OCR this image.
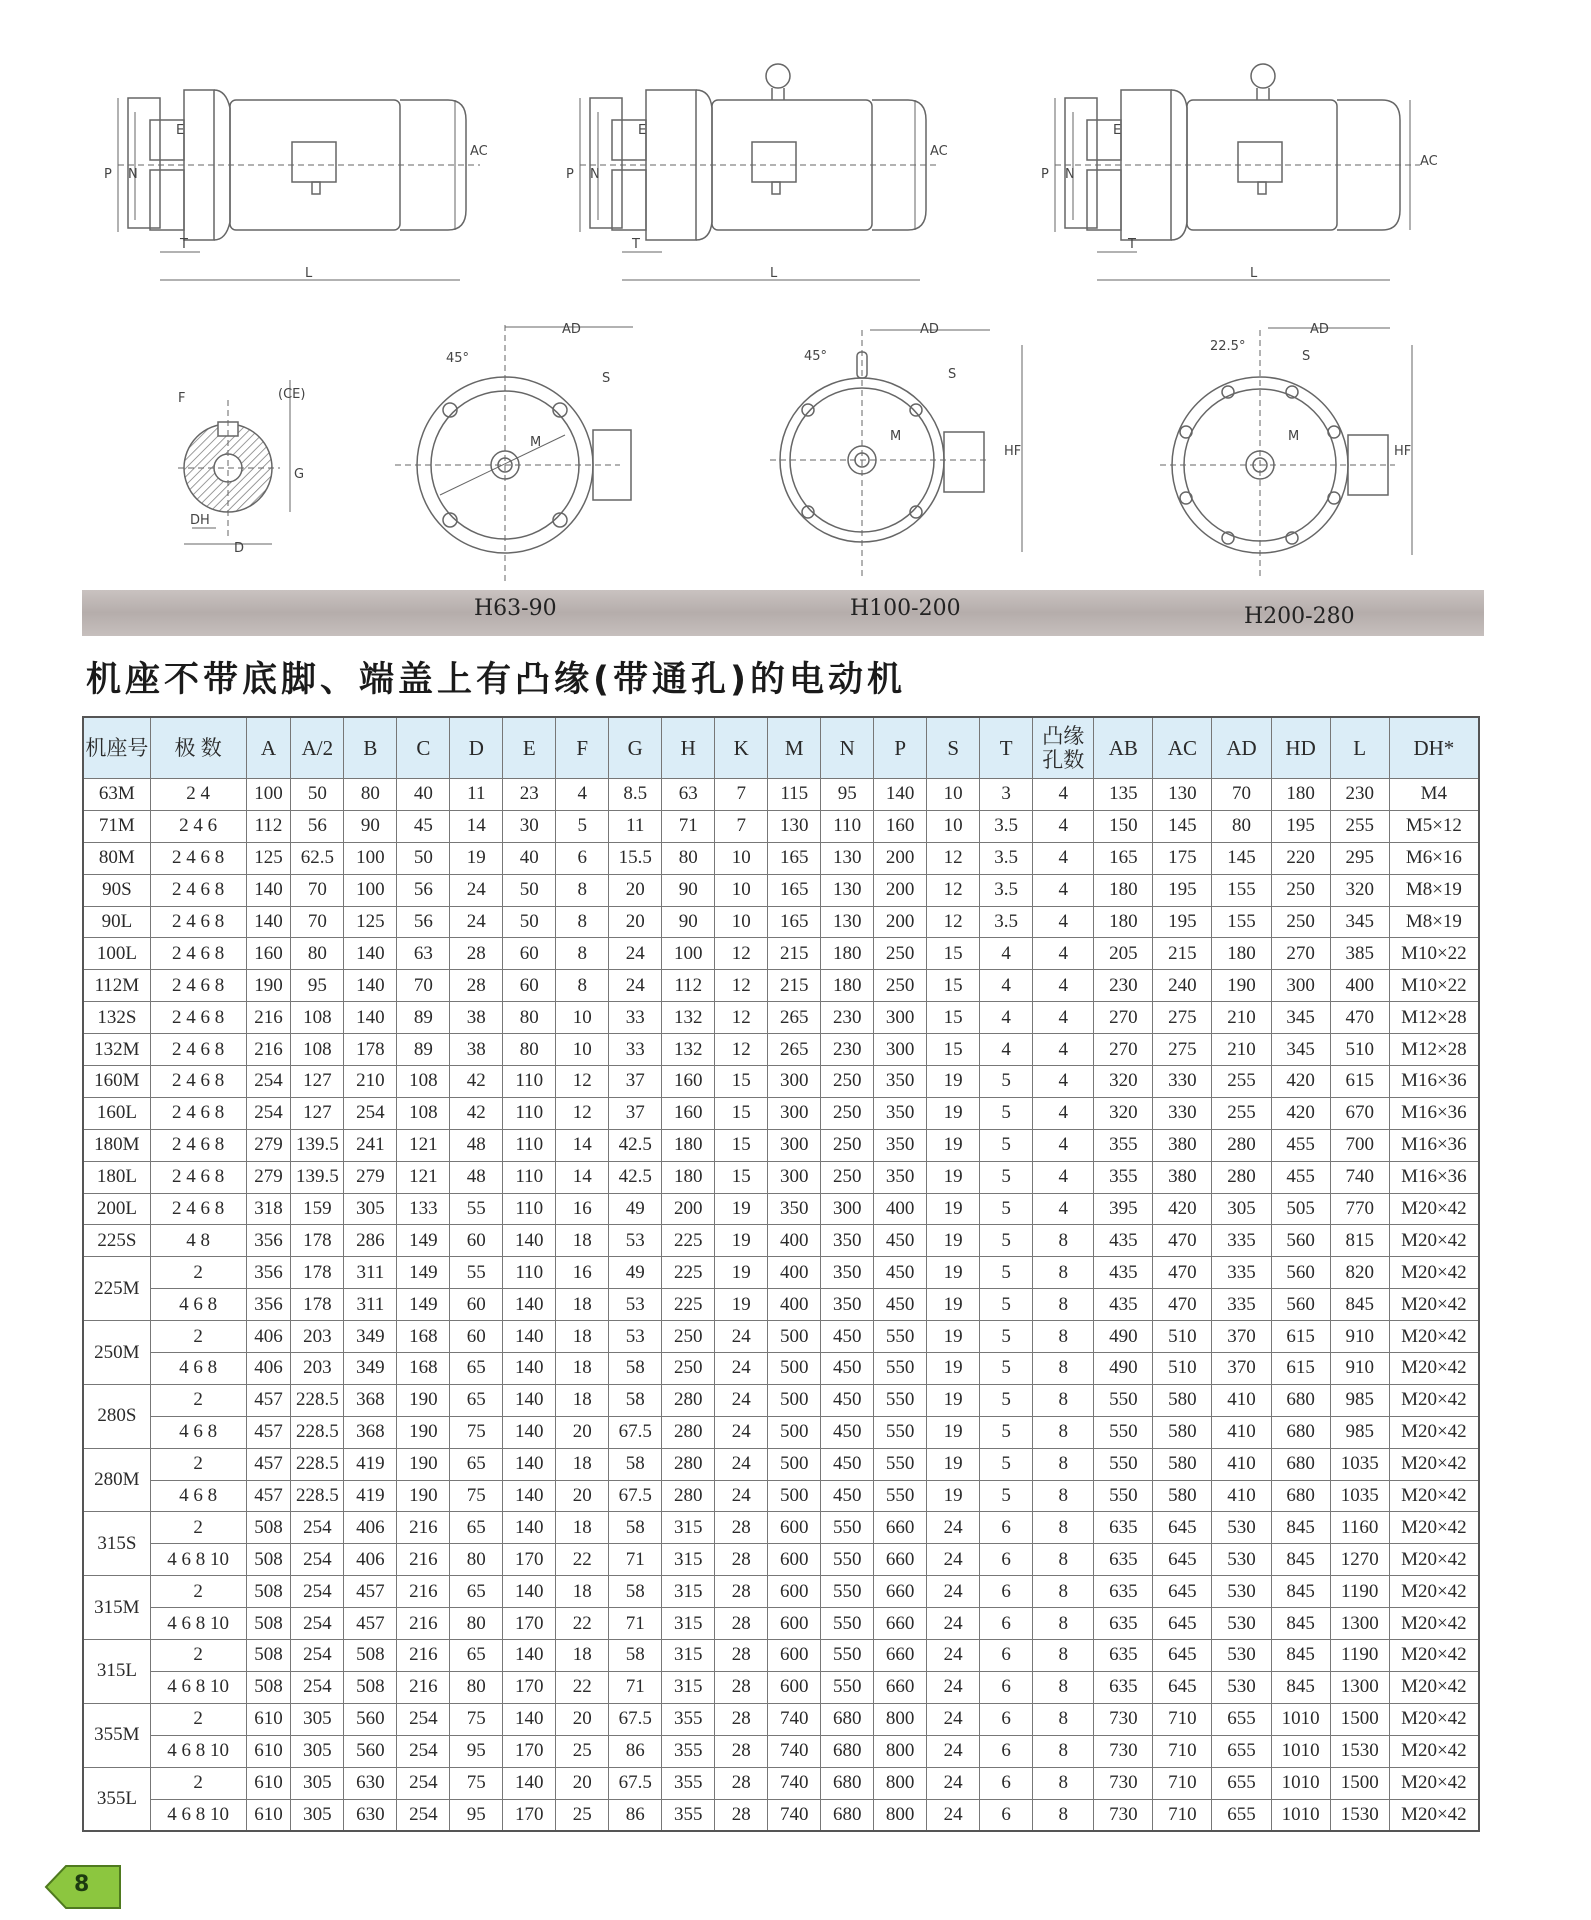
E
P N
T
L
AC
E
P N
T
L
AC
E
P N
T
L
AC
F	(CE)
G
DH
D
45°
AD
S
M
45°
AD
S
M
HF
22.5°
AD
S
M
HF
H63-90	H100-200	H200-280
机座不带底脚、端盖上有凸缘(带通孔)的电动机
机座号	极 数	A	A/2	B	C	D	E	F	G	H	K	M	N	P	S	T	凸缘孔数	AB	AC	AD	HD	L	DH*
63M	2 4	100	50	80	40	11	23	4	8.5	63	7	115	95	140	10	3	4	135	130	70	180	230	M4
71M	2 4 6	112	56	90	45	14	30	5	11	71	7	130	110	160	10	3.5	4	150	145	80	195	255	M5×12
80M	2 4 6 8	125	62.5	100	50	19	40	6	15.5	80	10	165	130	200	12	3.5	4	165	175	145	220	295	M6×16
90S	2 4 6 8	140	70	100	56	24	50	8	20	90	10	165	130	200	12	3.5	4	180	195	155	250	320	M8×19
90L	2 4 6 8	140	70	125	56	24	50	8	20	90	10	165	130	200	12	3.5	4	180	195	155	250	345	M8×19
100L	2 4 6 8	160	80	140	63	28	60	8	24	100	12	215	180	250	15	4	4	205	215	180	270	385	M10×22
112M	2 4 6 8	190	95	140	70	28	60	8	24	112	12	215	180	250	15	4	4	230	240	190	300	400	M10×22
132S	2 4 6 8	216	108	140	89	38	80	10	33	132	12	265	230	300	15	4	4	270	275	210	345	470	M12×28
132M	2 4 6 8	216	108	178	89	38	80	10	33	132	12	265	230	300	15	4	4	270	275	210	345	510	M12×28
160M	2 4 6 8	254	127	210	108	42	110	12	37	160	15	300	250	350	19	5	4	320	330	255	420	615	M16×36
160L	2 4 6 8	254	127	254	108	42	110	12	37	160	15	300	250	350	19	5	4	320	330	255	420	670	M16×36
180M	2 4 6 8	279	139.5	241	121	48	110	14	42.5	180	15	300	250	350	19	5	4	355	380	280	455	700	M16×36
180L	2 4 6 8	279	139.5	279	121	48	110	14	42.5	180	15	300	250	350	19	5	4	355	380	280	455	740	M16×36
200L	2 4 6 8	318	159	305	133	55	110	16	49	200	19	350	300	400	19	5	4	395	420	305	505	770	M20×42
225S	4 8	356	178	286	149	60	140	18	53	225	19	400	350	450	19	5	8	435	470	335	560	815	M20×42
225M	2	356	178	311	149	55	110	16	49	225	19	400	350	450	19	5	8	435	470	335	560	820	M20×42
	4 6 8	356	178	311	149	60	140	18	53	225	19	400	350	450	19	5	8	435	470	335	560	845	M20×42
250M	2	406	203	349	168	60	140	18	53	250	24	500	450	550	19	5	8	490	510	370	615	910	M20×42
	4 6 8	406	203	349	168	65	140	18	58	250	24	500	450	550	19	5	8	490	510	370	615	910	M20×42
280S	2	457	228.5	368	190	65	140	18	58	280	24	500	450	550	19	5	8	550	580	410	680	985	M20×42
	4 6 8	457	228.5	368	190	75	140	20	67.5	280	24	500	450	550	19	5	8	550	580	410	680	985	M20×42
280M	2	457	228.5	419	190	65	140	18	58	280	24	500	450	550	19	5	8	550	580	410	680	1035	M20×42
	4 6 8	457	228.5	419	190	75	140	20	67.5	280	24	500	450	550	19	5	8	550	580	410	680	1035	M20×42
315S	2	508	254	406	216	65	140	18	58	315	28	600	550	660	24	6	8	635	645	530	845	1160	M20×42
	4 6 8 10	508	254	406	216	80	170	22	71	315	28	600	550	660	24	6	8	635	645	530	845	1270	M20×42
315M	2	508	254	457	216	65	140	18	58	315	28	600	550	660	24	6	8	635	645	530	845	1190	M20×42
	4 6 8 10	508	254	457	216	80	170	22	71	315	28	600	550	660	24	6	8	635	645	530	845	1300	M20×42
315L	2	508	254	508	216	65	140	18	58	315	28	600	550	660	24	6	8	635	645	530	845	1190	M20×42
	4 6 8 10	508	254	508	216	80	170	22	71	315	28	600	550	660	24	6	8	635	645	530	845	1300	M20×42
355M	2	610	305	560	254	75	140	20	67.5	355	28	740	680	800	24	6	8	730	710	655	1010	1500	M20×42
	4 6 8 10	610	305	560	254	95	170	25	86	355	28	740	680	800	24	6	8	730	710	655	1010	1530	M20×42
355L	2	610	305	630	254	75	140	20	67.5	355	28	740	680	800	24	6	8	730	710	655	1010	1500	M20×42
	4 6 8 10	610	305	630	254	95	170	25	86	355	28	740	680	800	24	6	8	730	710	655	1010	1530	M20×42
8
